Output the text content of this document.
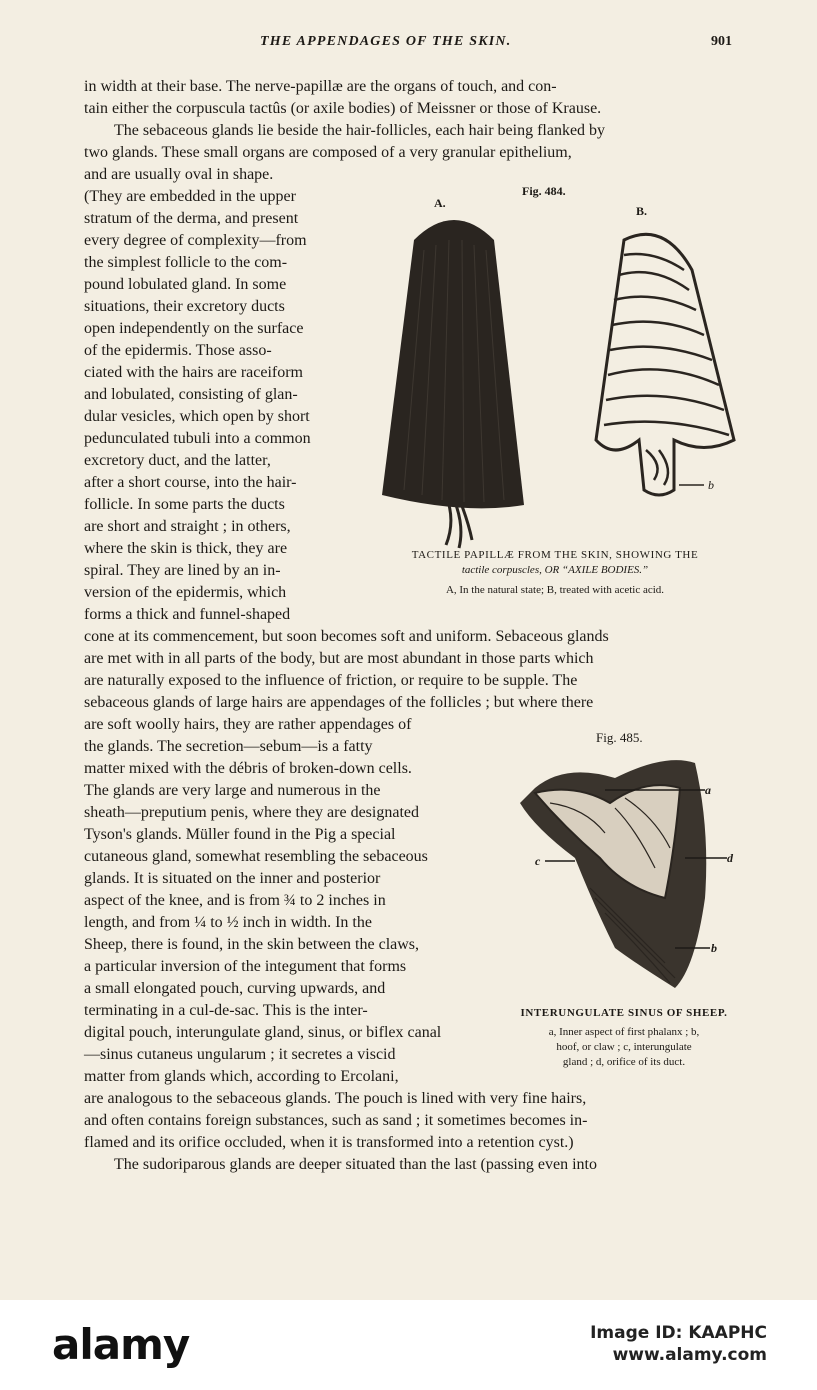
THE APPENDAGES OF THE SKIN.	901
in width at their base. The nerve-papillæ are the organs of touch, and con-
tain either the corpuscula tactûs (or axile bodies) of Meissner or those of Krause.
The sebaceous glands lie beside the hair-follicles, each hair being flanked by
two glands. These small organs are composed of a very granular epithelium,
and are usually oval in shape.
(They are embedded in the upper
stratum of the derma, and present
every degree of complexity—from
the simplest follicle to the com-
pound lobulated gland. In some
situations, their excretory ducts
open independently on the surface
of the epidermis. Those asso-
ciated with the hairs are raceiform
and lobulated, consisting of glan-
dular vesicles, which open by short
pedunculated tubuli into a common
excretory duct, and the latter,
after a short course, into the hair-
follicle. In some parts the ducts
are short and straight ; in others,
where the skin is thick, they are
spiral. They are lined by an in-
version of the epidermis, which
forms a thick and funnel-shaped
Fig. 484.
A.
B.
b
TACTILE PAPILLÆ FROM THE SKIN, SHOWING THE
tactile corpuscles, OR “AXILE BODIES.”
A, In the natural state; B, treated with acetic acid.
cone at its commencement, but soon becomes soft and uniform. Sebaceous glands
are met with in all parts of the body, but are most abundant in those parts which
are naturally exposed to the influence of friction, or require to be supple. The
sebaceous glands of large hairs are appendages of the follicles ; but where there
are soft woolly hairs, they are rather appendages of
the glands. The secretion—sebum—is a fatty
matter mixed with the débris of broken-down cells.
The glands are very large and numerous in the
sheath—preputium penis, where they are designated
Tyson's glands. Müller found in the Pig a special
cutaneous gland, somewhat resembling the sebaceous
glands. It is situated on the inner and posterior
aspect of the knee, and is from ¾ to 2 inches in
length, and from ¼ to ½ inch in width. In the
Sheep, there is found, in the skin between the claws,
a particular inversion of the integument that forms
a small elongated pouch, curving upwards, and
terminating in a cul-de-sac. This is the inter-
digital pouch, interungulate gland, sinus, or biflex canal
—sinus cutaneus ungularum ; it secretes a viscid
matter from glands which, according to Ercolani,
Fig. 485.
a
c	d
b
INTERUNGULATE SINUS OF SHEEP.
a, Inner aspect of first phalanx ; b,
hoof, or claw ; c, interungulate
gland ; d, orifice of its duct.
are analogous to the sebaceous glands. The pouch is lined with very fine hairs,
and often contains foreign substances, such as sand ; it sometimes becomes in-
flamed and its orifice occluded, when it is transformed into a retention cyst.)
The sudoriparous glands are deeper situated than the last (passing even into
alamy	Image ID: KAAPHC
www.alamy.com
